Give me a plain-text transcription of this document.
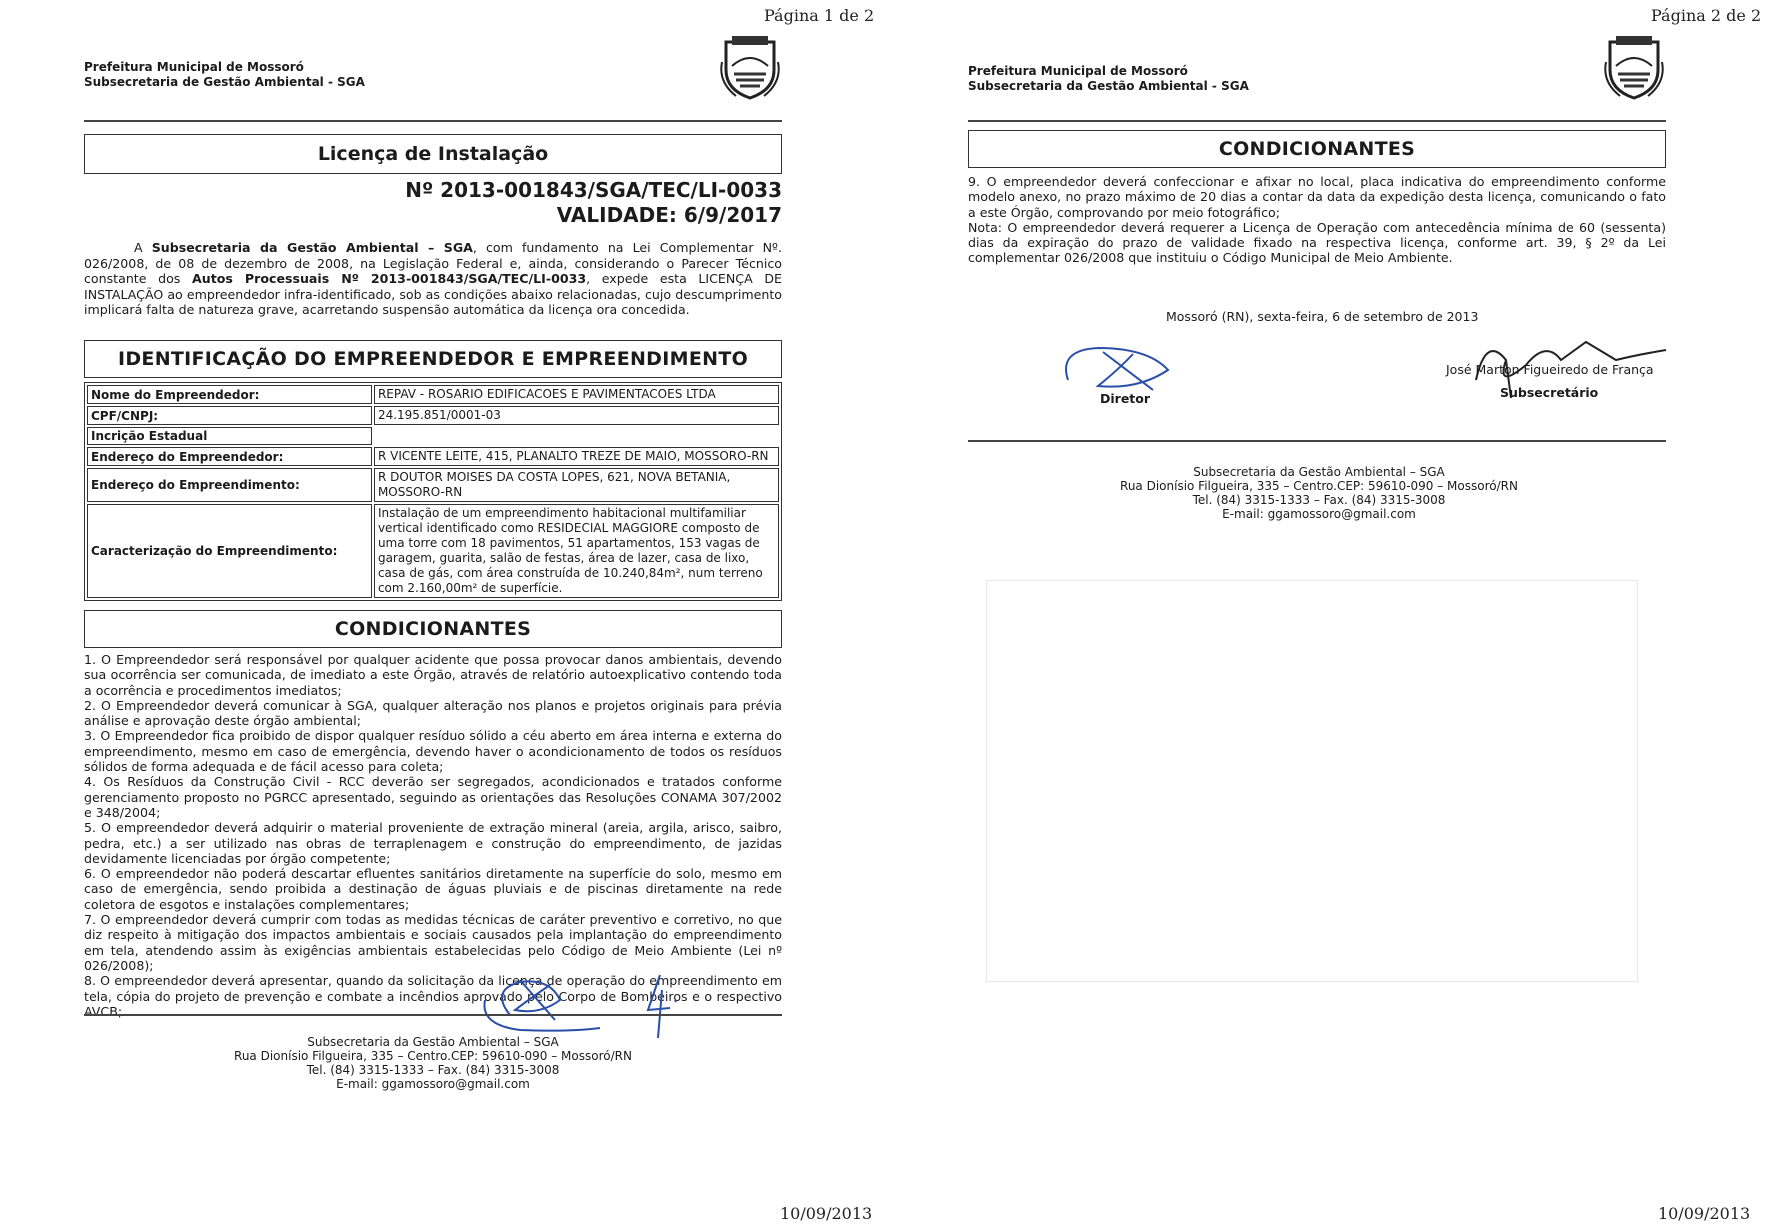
Página 1 de 2
Prefeitura Municipal de Mossoró
Subsecretaria de Gestão Ambiental - SGA
Licença de Instalação
Nº 2013-001843/SGA/TEC/LI-0033
VALIDADE: 6/9/2017
A Subsecretaria da Gestão Ambiental – SGA, com fundamento na Lei Complementar Nº. 026/2008, de 08 de dezembro de 2008, na Legislação Federal e, ainda, considerando o Parecer Técnico constante dos Autos Processuais Nº 2013-001843/SGA/TEC/LI-0033, expede esta LICENÇA DE INSTALAÇÃO ao empreendedor infra-identificado, sob as condições abaixo relacionadas, cujo descumprimento implicará falta de natureza grave, acarretando suspensão automática da licença ora concedida.
IDENTIFICAÇÃO DO EMPREENDEDOR E EMPREENDIMENTO
Nome do Empreendedor:	REPAV - ROSARIO EDIFICACOES E PAVIMENTACOES LTDA
CPF/CNPJ:	24.195.851/0001-03
Incrição Estadual	
Endereço do Empreendedor:	R VICENTE LEITE, 415, PLANALTO TREZE DE MAIO, MOSSORO-RN
Endereço do Empreendimento:	R DOUTOR MOISES DA COSTA LOPES, 621, NOVA BETANIA, MOSSORO-RN
Caracterização do Empreendimento:	Instalação de um empreendimento habitacional multifamiliar vertical identificado como RESIDECIAL MAGGIORE composto de uma torre com 18 pavimentos, 51 apartamentos, 153 vagas de garagem, guarita, salão de festas, área de lazer, casa de lixo, casa de gás, com área construída de 10.240,84m², num terreno com 2.160,00m² de superfície.
CONDICIONANTES

1. O Empreendedor será responsável por qualquer acidente que possa provocar danos ambientais, devendo sua ocorrência ser comunicada, de imediato a este Órgão, através de relatório autoexplicativo contendo toda a ocorrência e procedimentos imediatos;

2. O Empreendedor deverá comunicar à SGA, qualquer alteração nos planos e projetos originais para prévia análise e aprovação deste órgão ambiental;

3. O Empreendedor fica proibido de dispor qualquer resíduo sólido a céu aberto em área interna e externa do empreendimento, mesmo em caso de emergência, devendo haver o acondicionamento de todos os resíduos sólidos de forma adequada e de fácil acesso para coleta;

4. Os Resíduos da Construção Civil - RCC deverão ser segregados, acondicionados e tratados conforme gerenciamento proposto no PGRCC apresentado, seguindo as orientações das Resoluções CONAMA 307/2002 e 348/2004;

5. O empreendedor deverá adquirir o material proveniente de extração mineral (areia, argila, arisco, saibro, pedra, etc.) a ser utilizado nas obras de terraplenagem e construção do empreendimento, de jazidas devidamente licenciadas por órgão competente;

6. O empreendedor não poderá descartar efluentes sanitários diretamente na superfície do solo, mesmo em caso de emergência, sendo proibida a destinação de águas pluviais e de piscinas diretamente na rede coletora de esgotos e instalações complementares;

7. O empreendedor deverá cumprir com todas as medidas técnicas de caráter preventivo e corretivo, no que diz respeito à mitigação dos impactos ambientais e sociais causados pela implantação do empreendimento em tela, atendendo assim às exigências ambientais estabelecidas pelo Código de Meio Ambiente (Lei nº 026/2008);

8. O empreendedor deverá apresentar, quando da solicitação da licença de operação do empreendimento em tela, cópia do projeto de prevenção e combate a incêndios aprovado pelo Corpo de Bombeiros e o respectivo AVCB;

Subsecretaria da Gestão Ambiental – SGA
Rua Dionísio Filgueira, 335 – Centro.CEP: 59610-090 – Mossoró/RN
Tel. (84) 3315-1333 – Fax. (84) 3315-3008
E-mail: ggamossoro@gmail.com
10/09/2013
Página 2 de 2
Prefeitura Municipal de Mossoró
Subsecretaria da Gestão Ambiental - SGA
CONDICIONANTES

9. O empreendedor deverá confeccionar e afixar no local, placa indicativa do empreendimento conforme modelo anexo, no prazo máximo de 20 dias a contar da data da expedição desta licença, comunicando o fato a este Órgão, comprovando por meio fotográfico;

Nota: O empreendedor deverá requerer a Licença de Operação com antecedência mínima de 60 (sessenta) dias da expiração do prazo de validade fixado na respectiva licença, conforme art. 39, § 2º da Lei complementar 026/2008 que instituiu o Código Municipal de Meio Ambiente.

Mossoró (RN), sexta-feira, 6 de setembro de 2013
Diretor
José Marton Figueiredo de França
Subsecretário
Subsecretaria da Gestão Ambiental – SGA
Rua Dionísio Filgueira, 335 – Centro.CEP: 59610-090 – Mossoró/RN
Tel. (84) 3315-1333 – Fax. (84) 3315-3008
E-mail: ggamossoro@gmail.com
10/09/2013
